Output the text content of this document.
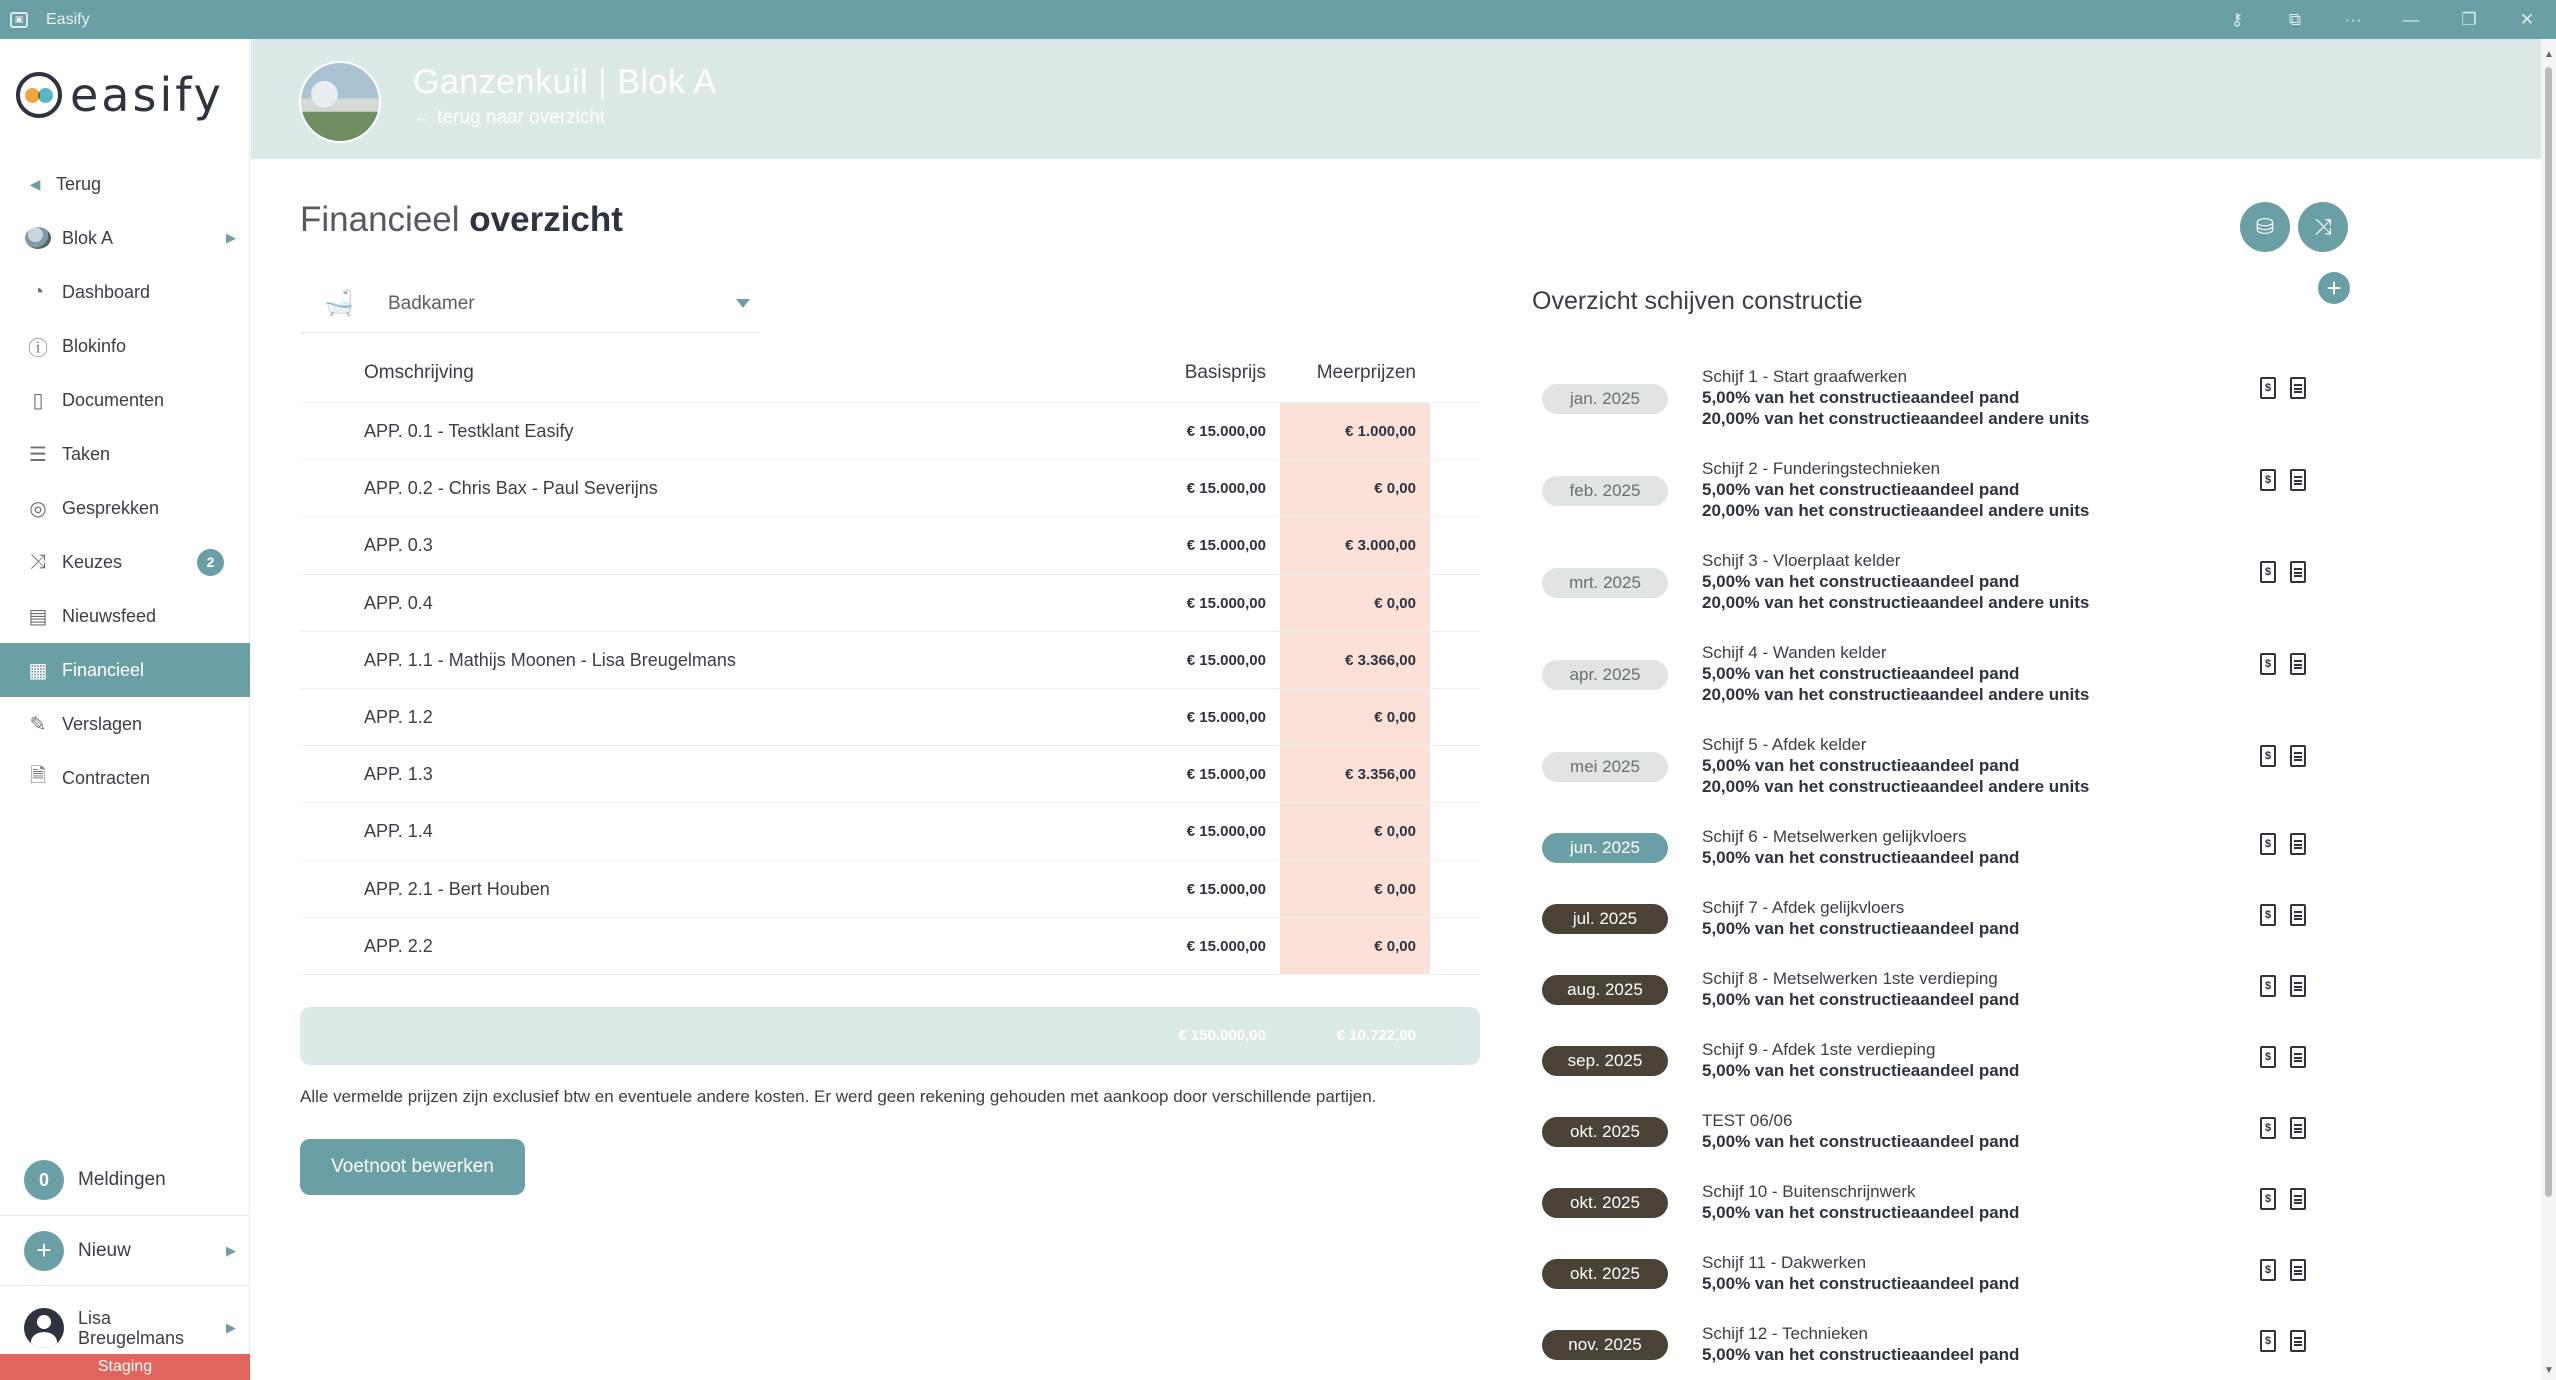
▣ Easify	⚷	⧉	···	—	❐	✕
easify
◀ Terug
Blok A	▶
◔ Dashboard
ⓘ Blokinfo
▯	Documenten
☰ Taken
◎ Gesprekken
⤨ Keuzes	2
▤ Nieuwsfeed
▦ Financieel
✎ Verslagen
🗎 Contracten
0	Meldingen
+	Nieuw	▶
Lisa Breugelmans
▶
Staging
Ganzenkuil | Blok A
← terug naar overzicht
▲
▼
Financieel overzicht
🛁 Badkamer
Omschrijving	Basisprijs	Meerprijzen
APP. 0.1 - Testklant Easify	€ 15.000,00	€ 1.000,00
APP. 0.2 - Chris Bax - Paul Severijns	€ 15.000,00	€ 0,00
APP. 0.3	€ 15.000,00	€ 3.000,00
APP. 0.4	€ 15.000,00	€ 0,00
APP. 1.1 - Mathijs Moonen - Lisa Breugelmans	€ 15.000,00	€ 3.366,00
APP. 1.2	€ 15.000,00	€ 0,00
APP. 1.3	€ 15.000,00	€ 3.356,00
APP. 1.4	€ 15.000,00	€ 0,00
APP. 2.1 - Bert Houben	€ 15.000,00	€ 0,00
APP. 2.2	€ 15.000,00	€ 0,00
€ 150.000,00	€ 10.722,00
Alle vermelde prijzen zijn exclusief btw en eventuele andere kosten. Er werd geen rekening gehouden met aankoop door verschillende partijen.
Voetnoot bewerken
⛁ ⤨
+
Overzicht schijven constructie
jan. 2025
Schijf 1 - Start graafwerken
5,00% van het constructieaandeel pand
20,00% van het constructieaandeel andere units
$
feb. 2025
Schijf 2 - Funderingstechnieken
5,00% van het constructieaandeel pand
20,00% van het constructieaandeel andere units
$
mrt. 2025
Schijf 3 - Vloerplaat kelder
5,00% van het constructieaandeel pand
20,00% van het constructieaandeel andere units
$
apr. 2025
Schijf 4 - Wanden kelder
5,00% van het constructieaandeel pand
20,00% van het constructieaandeel andere units
$
mei 2025
Schijf 5 - Afdek kelder
5,00% van het constructieaandeel pand
20,00% van het constructieaandeel andere units
$
jun. 2025
Schijf 6 - Metselwerken gelijkvloers
5,00% van het constructieaandeel pand
$
jul. 2025
Schijf 7 - Afdek gelijkvloers
5,00% van het constructieaandeel pand
$
aug. 2025
Schijf 8 - Metselwerken 1ste verdieping
5,00% van het constructieaandeel pand
$
sep. 2025
Schijf 9 - Afdek 1ste verdieping
5,00% van het constructieaandeel pand
$
okt. 2025
TEST 06/06
5,00% van het constructieaandeel pand
$
okt. 2025
Schijf 10 - Buitenschrijnwerk
5,00% van het constructieaandeel pand
$
okt. 2025
Schijf 11 - Dakwerken
5,00% van het constructieaandeel pand
$
nov. 2025
Schijf 12 - Technieken
5,00% van het constructieaandeel pand
$
